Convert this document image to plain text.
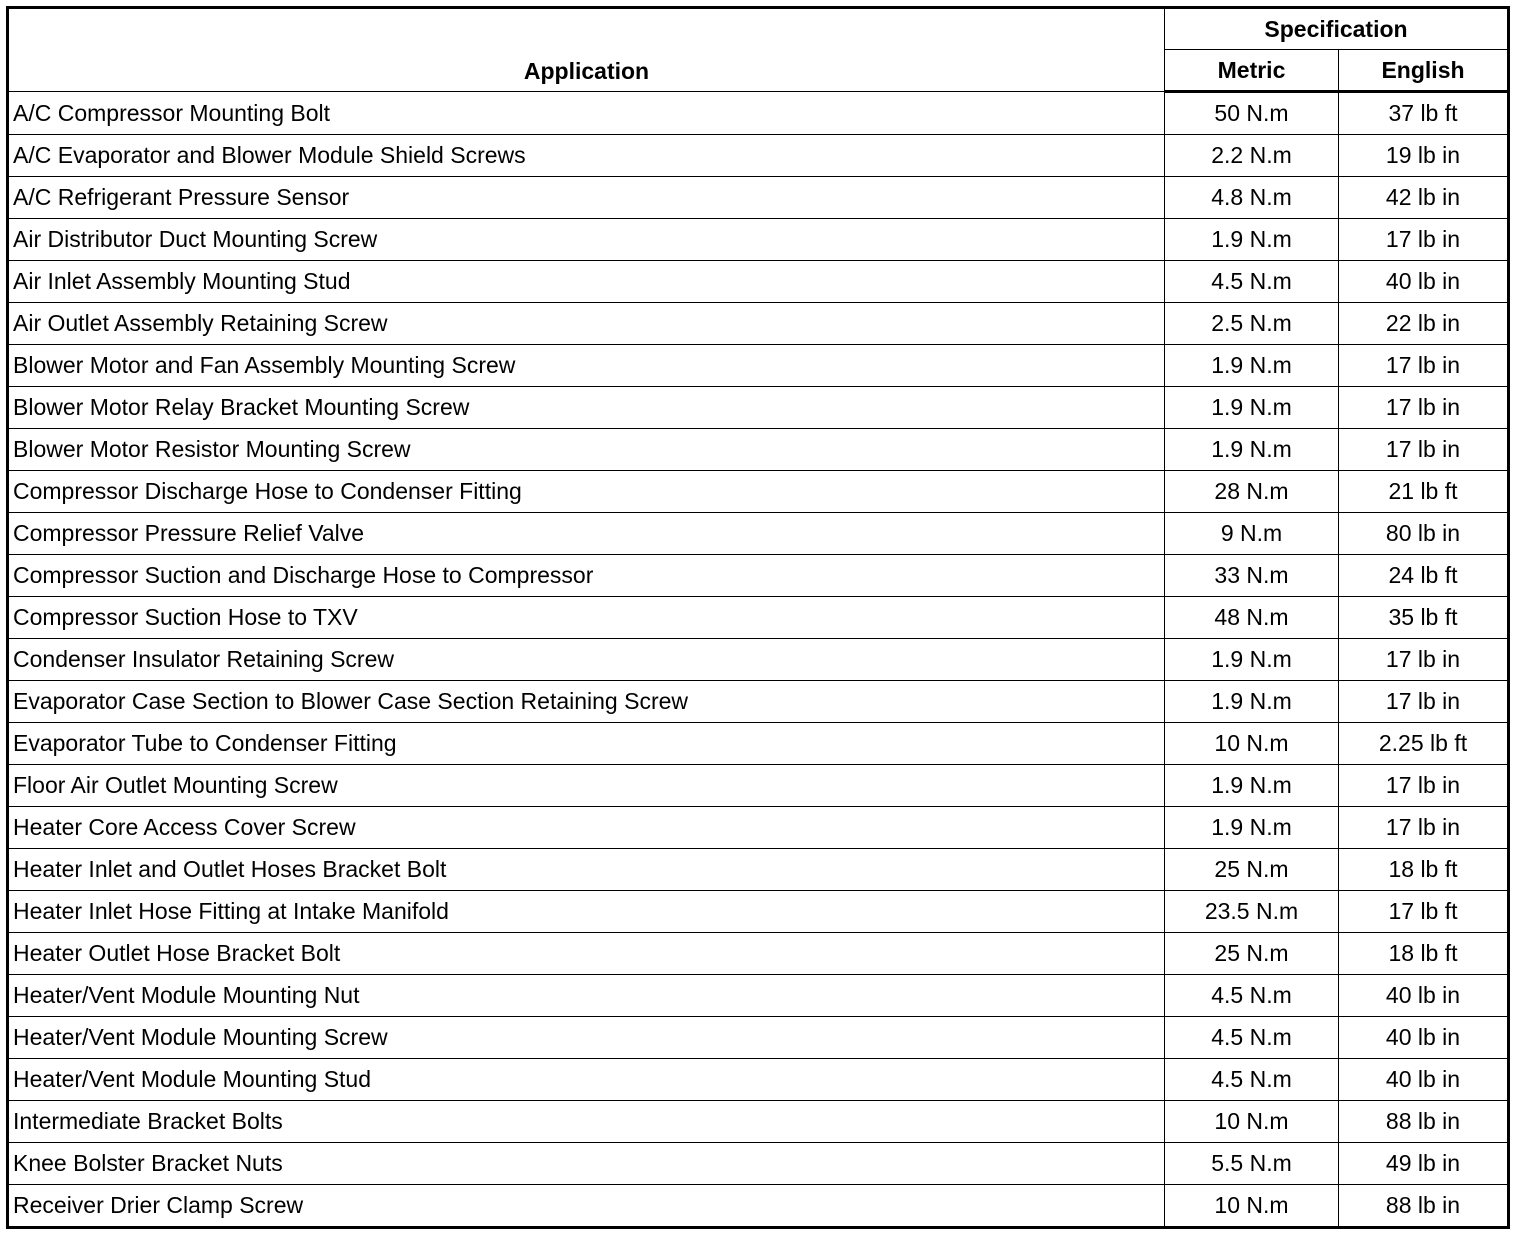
Application	Specification	
	Metric	English
A/C Compressor Mounting Bolt	50 N.m	37 lb ft
A/C Evaporator and Blower Module Shield Screws	2.2 N.m	19 lb in
A/C Refrigerant Pressure Sensor	4.8 N.m	42 lb in
Air Distributor Duct Mounting Screw	1.9 N.m	17 lb in
Air Inlet Assembly Mounting Stud	4.5 N.m	40 lb in
Air Outlet Assembly Retaining Screw	2.5 N.m	22 lb in
Blower Motor and Fan Assembly Mounting Screw	1.9 N.m	17 lb in
Blower Motor Relay Bracket Mounting Screw	1.9 N.m	17 lb in
Blower Motor Resistor Mounting Screw	1.9 N.m	17 lb in
Compressor Discharge Hose to Condenser Fitting	28 N.m	21 lb ft
Compressor Pressure Relief Valve	9 N.m	80 lb in
Compressor Suction and Discharge Hose to Compressor	33 N.m	24 lb ft
Compressor Suction Hose to TXV	48 N.m	35 lb ft
Condenser Insulator Retaining Screw	1.9 N.m	17 lb in
Evaporator Case Section to Blower Case Section Retaining Screw	1.9 N.m	17 lb in
Evaporator Tube to Condenser Fitting	10 N.m	2.25 lb ft
Floor Air Outlet Mounting Screw	1.9 N.m	17 lb in
Heater Core Access Cover Screw	1.9 N.m	17 lb in
Heater Inlet and Outlet Hoses Bracket Bolt	25 N.m	18 lb ft
Heater Inlet Hose Fitting at Intake Manifold	23.5 N.m	17 lb ft
Heater Outlet Hose Bracket Bolt	25 N.m	18 lb ft
Heater/Vent Module Mounting Nut	4.5 N.m	40 lb in
Heater/Vent Module Mounting Screw	4.5 N.m	40 lb in
Heater/Vent Module Mounting Stud	4.5 N.m	40 lb in
Intermediate Bracket Bolts	10 N.m	88 lb in
Knee Bolster Bracket Nuts	5.5 N.m	49 lb in
Receiver Drier Clamp Screw	10 N.m	88 lb in
